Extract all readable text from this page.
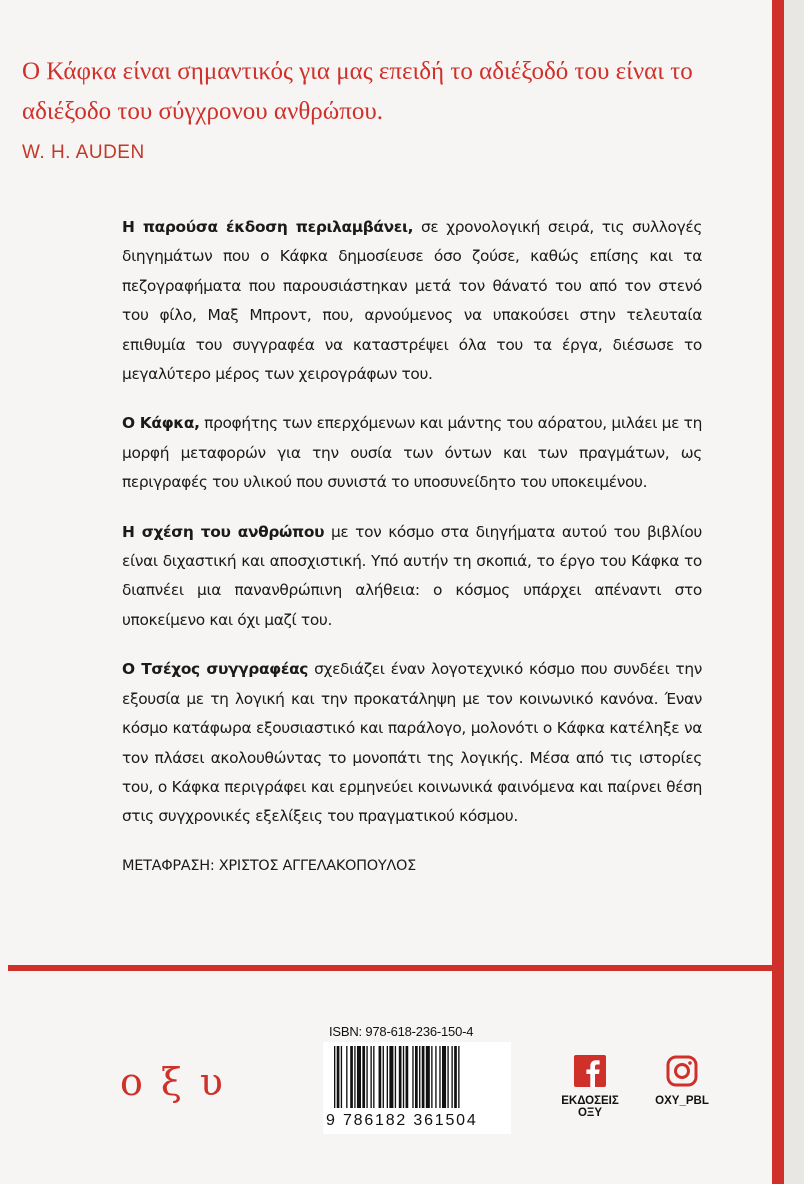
Ο Κάφκα είναι σημαντικός για μας επειδή το αδιέξοδό του είναι το αδιέξοδο του σύγχρονου ανθρώπου.
W. H. AUDEN

Η παρούσα έκδοση περιλαμβάνει, σε χρονολογική σειρά, τις συλλογές διηγημάτων που ο Κάφκα δημοσίευσε όσο ζούσε, καθώς επίσης και τα πεζογραφήματα που παρουσιάστηκαν μετά τον θάνατό του από τον στενό του φίλο, Μαξ Μπροντ, που, αρνούμενος να υπακούσει στην τελευταία επιθυμία του συγγραφέα να καταστρέψει όλα του τα έργα, διέσωσε το μεγαλύτερο μέρος των χειρογράφων του.

Ο Κάφκα, προφήτης των επερχόμενων και μάντης του αόρατου, μιλάει με τη μορφή μεταφορών για την ουσία των όντων και των πραγμάτων, ως περιγραφές του υλικού που συνιστά το υποσυνείδητο του υποκειμένου.

Η σχέση του ανθρώπου με τον κόσμο στα διηγήματα αυτού του βιβλίου είναι διχαστική και αποσχιστική. Υπό αυτήν τη σκοπιά, το έργο του Κάφκα το διαπνέει μια πανανθρώπινη αλήθεια: ο κόσμος υπάρχει απέναντι στο υποκείμενο και όχι μαζί του.

Ο Τσέχος συγγραφέας σχεδιάζει έναν λογοτεχνικό κόσμο που συνδέει την εξουσία με τη λογική και την προκατάληψη με τον κοινωνικό κανόνα. Έναν κόσμο κατάφωρα εξουσιαστικό και παράλογο, μολονότι ο Κάφκα κατέληξε να τον πλάσει ακολουθώντας το μονοπάτι της λογικής. Μέσα από τις ιστορίες του, ο Κάφκα περιγράφει και ερμηνεύει κοινωνικά φαινόμενα και παίρνει θέση στις συγχρονικές εξελίξεις του πραγματικού κόσμου.

ΜΕΤΑΦΡΑΣΗ: ΧΡΙΣΤΟΣ ΑΓΓΕΛΑΚΟΠΟΥΛΟΣ

οξυ
ISBN: 978-618-236-150-4
9 786182 361504
ΕΚΔΟΣΕΙΣ ΟΞΥ
OXY_PBL
